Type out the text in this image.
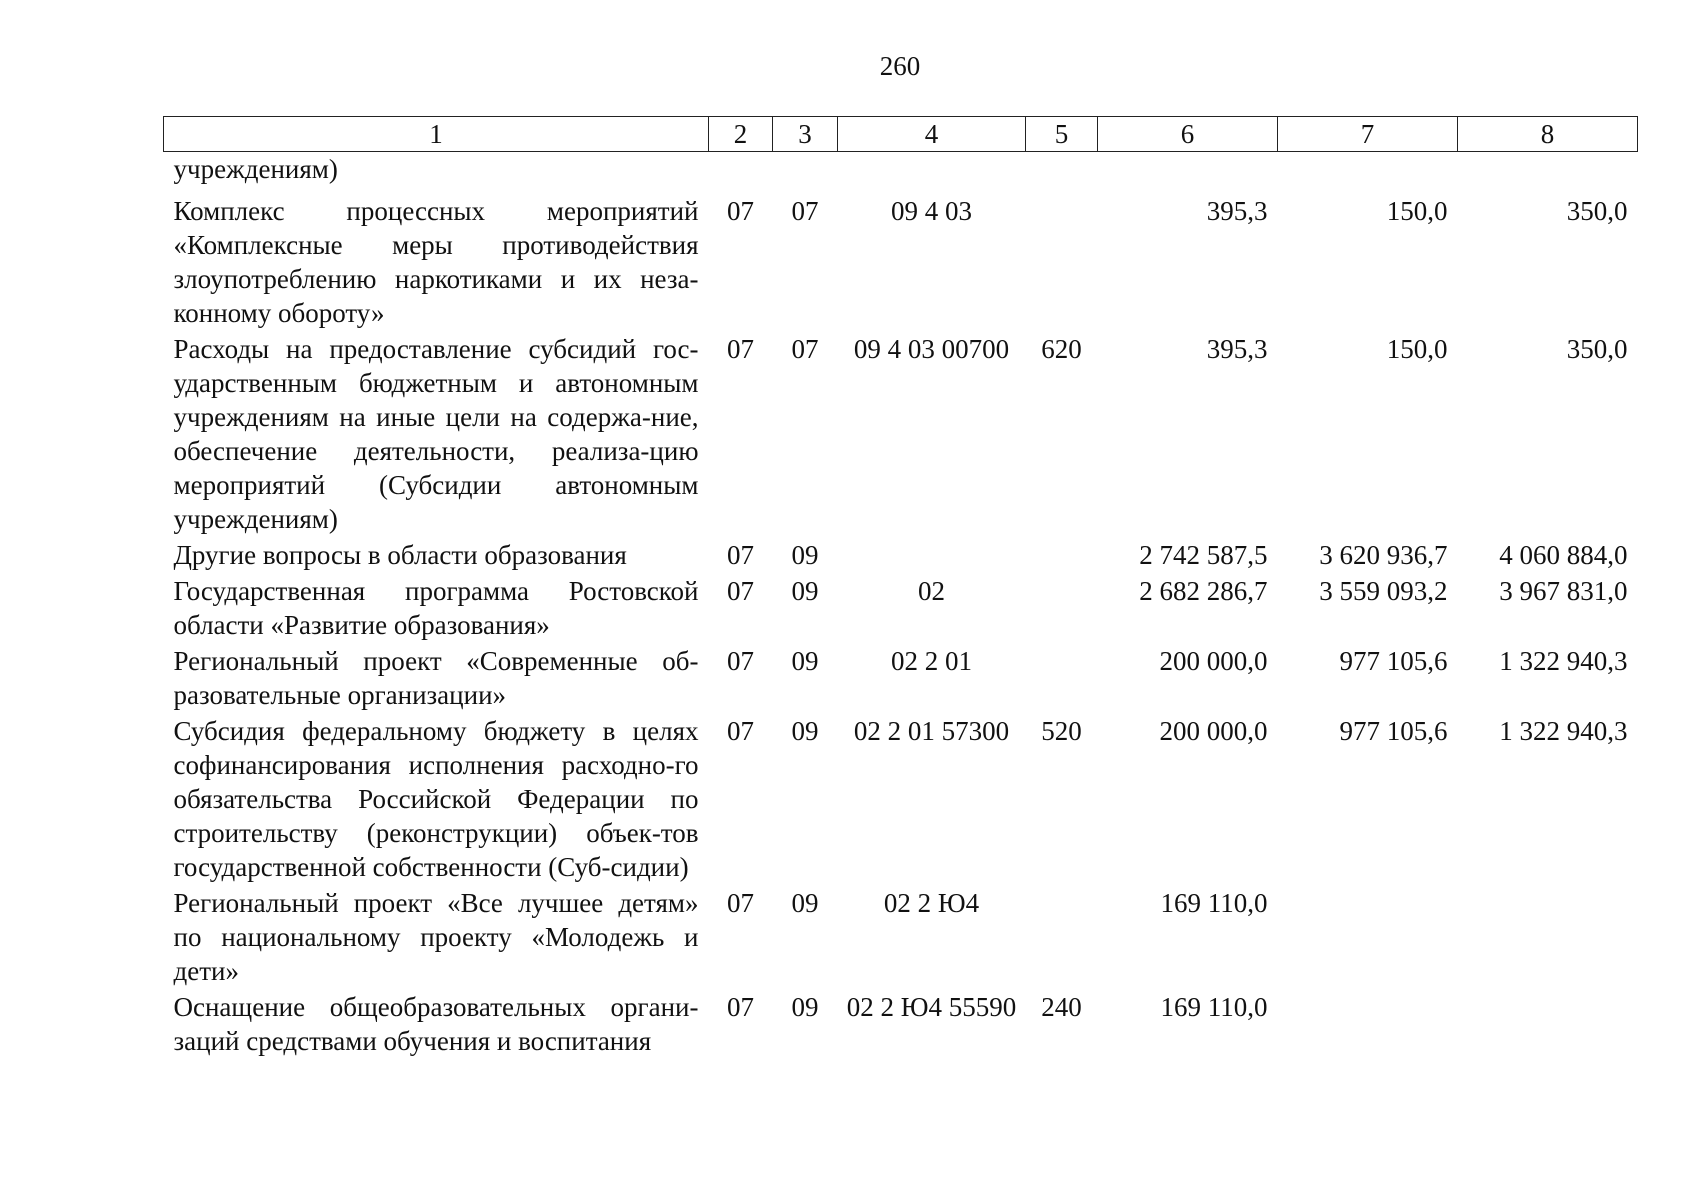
260
1	2	3	4	5	6	7	8
учреждениям)							
Комплекс процессных мероприятий «Комплексные меры противодействия злоупотреблению наркотиками и их неза-конному обороту»	07	07	09 4 03		395,3	150,0	350,0
Расходы на предоставление субсидий гос-ударственным бюджетным и автономным учреждениям на иные цели на содержа-ние, обеспечение деятельности, реализа-цию мероприятий (Субсидии автономным учреждениям)	07	07	09 4 03 00700	620	395,3	150,0	350,0
Другие вопросы в области образования	07	09			2 742 587,5	3 620 936,7	4 060 884,0
Государственная программа Ростовской области «Развитие образования»	07	09	02		2 682 286,7	3 559 093,2	3 967 831,0
Региональный проект «Современные об-разовательные организации»	07	09	02 2 01		200 000,0	977 105,6	1 322 940,3
Субсидия федеральному бюджету в целях софинансирования исполнения расходно-го обязательства Российской Федерации по строительству (реконструкции) объек-тов государственной собственности (Суб-сидии)	07	09	02 2 01 57300	520	200 000,0	977 105,6	1 322 940,3
Региональный проект «Все лучшее детям» по национальному проекту «Молодежь и дети»	07	09	02 2 Ю4		169 110,0		
Оснащение общеобразовательных органи-заций средствами обучения и воспитания	07	09	02 2 Ю4 55590	240	169 110,0		
